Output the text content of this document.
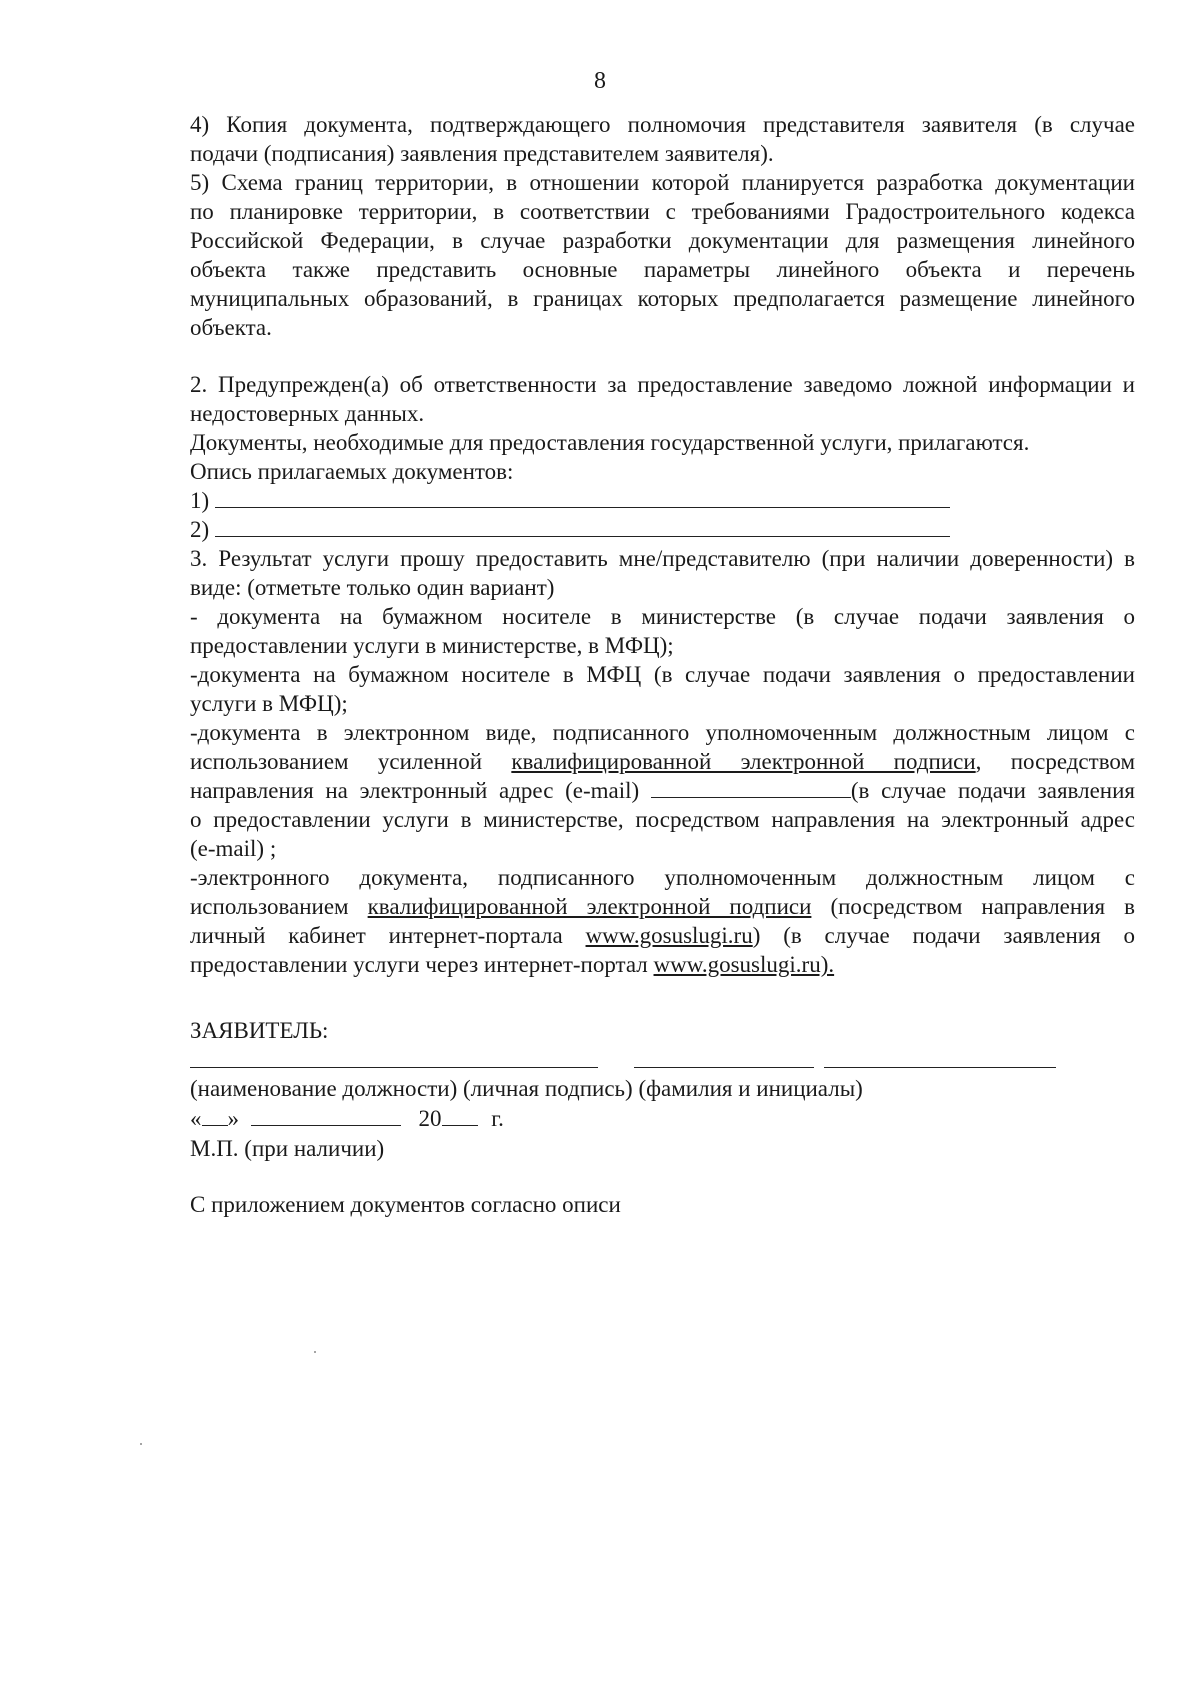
8
4) Копия документа, подтверждающего полномочия представителя заявителя (в случае
подачи (подписания) заявления представителем заявителя).
5) Схема границ территории, в отношении которой планируется разработка документации
по планировке территории, в соответствии с требованиями Градостроительного кодекса
Российской Федерации, в случае разработки документации для размещения линейного
объекта также представить основные параметры линейного объекта и перечень
муниципальных образований, в границах которых предполагается размещение линейного
объекта.
2. Предупрежден(а) об ответственности за предоставление заведомо ложной информации и
недостоверных данных.
Документы, необходимые для предоставления государственной услуги, прилагаются.
Опись прилагаемых документов:
1)
2)
3. Результат услуги прошу предоставить мне/представителю (при наличии доверенности) в
виде: (отметьте только один вариант)
- документа на бумажном носителе в министерстве (в случае подачи заявления о
предоставлении услуги в министерстве, в МФЦ);
-документа на бумажном носителе в МФЦ (в случае подачи заявления о предоставлении
услуги в МФЦ);
-документа в электронном виде, подписанного уполномоченным должностным лицом с
использованием усиленной квалифицированной электронной подписи, посредством
направления на электронный адрес (e-mail)	(в случае подачи заявления
о предоставлении услуги в министерстве, посредством направления на электронный адрес
(e-mail) ;
-электронного документа, подписанного уполномоченным должностным лицом с
использованием квалифицированной электронной подписи (посредством направления в
личный кабинет интернет-портала www.gosuslugi.ru) (в случае подачи заявления о
предоставлении услуги через интернет-портал www.gosuslugi.ru).
ЗАЯВИТЕЛЬ:
(наименование должности) (личная подпись) (фамилия и инициалы)
« »	20 г.
М.П. (при наличии)
С приложением документов согласно описи
